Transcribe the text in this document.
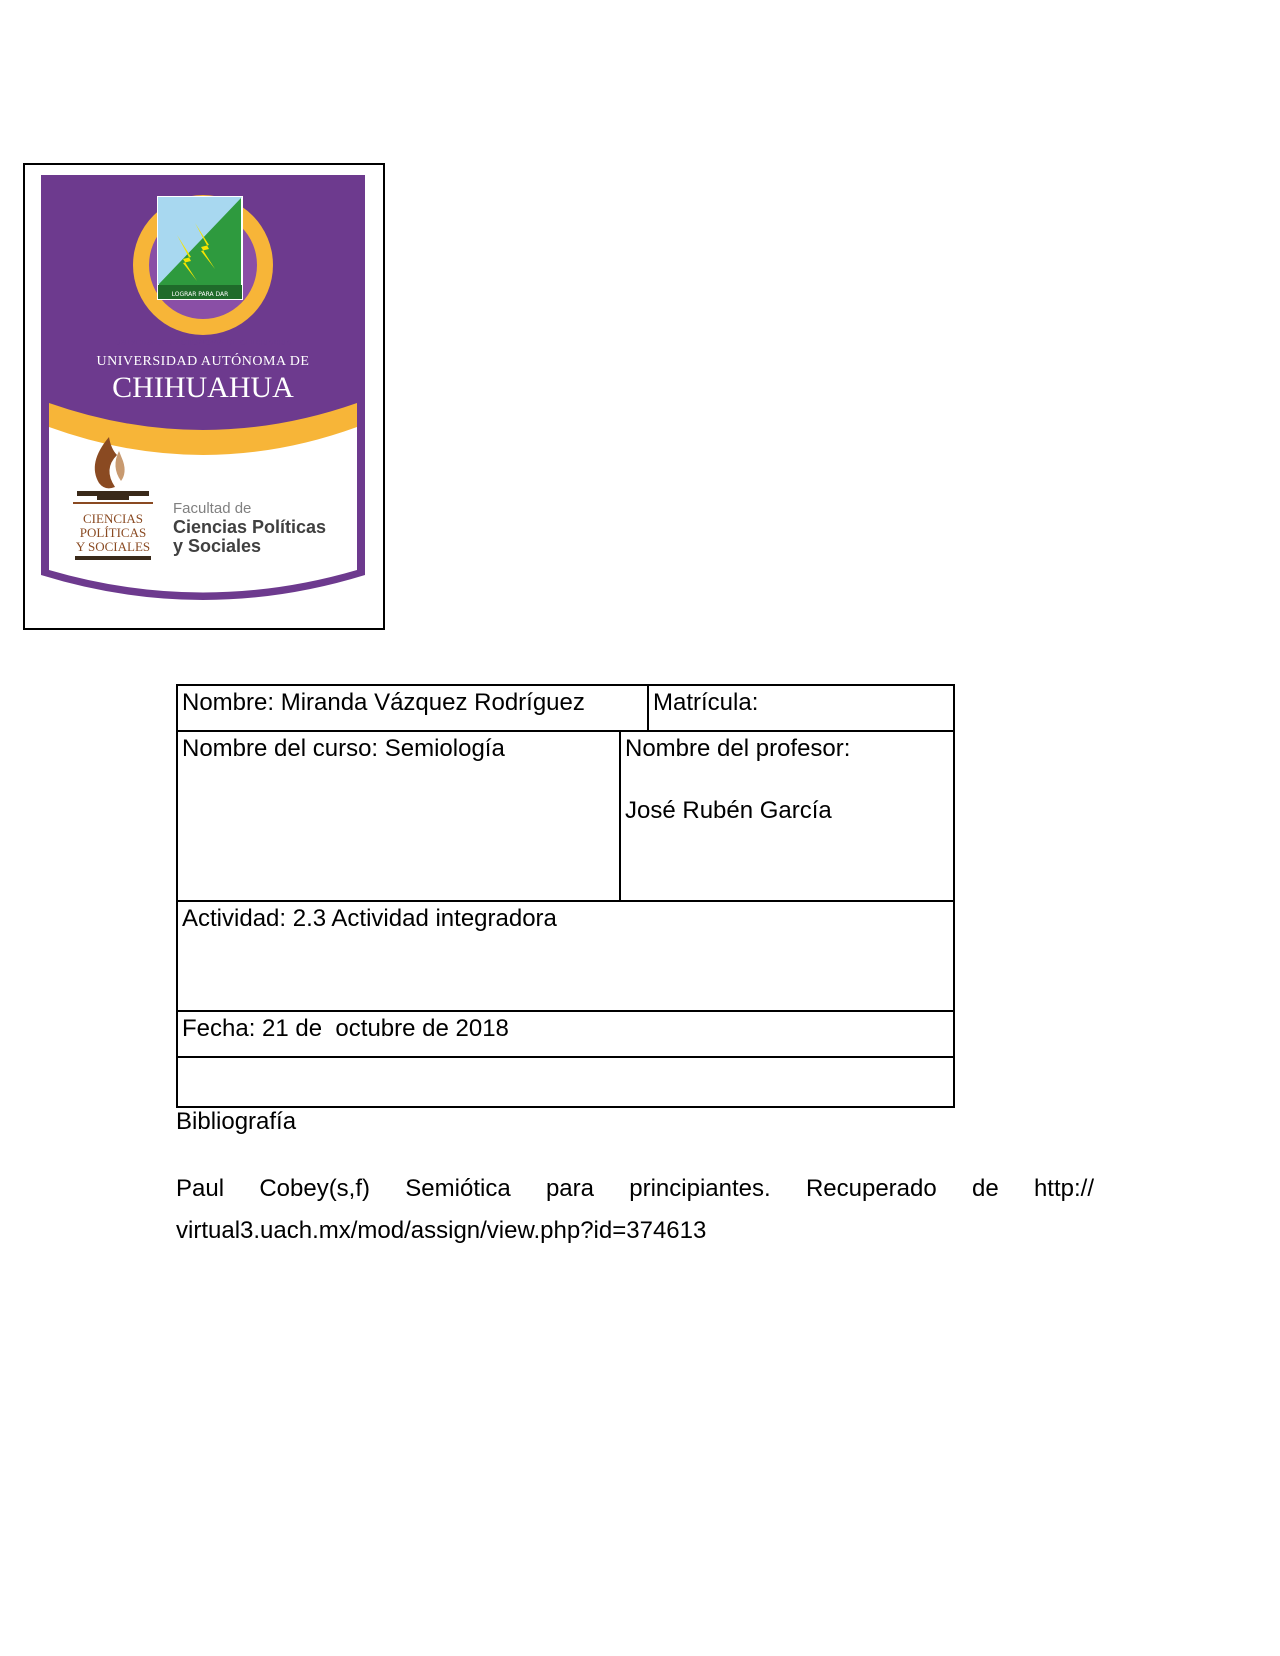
LOGRAR PARA DAR
UNIVERSIDAD AUTÓNOMA DE CHIHUAHUA
UNIVERSIDAD AUTÓNOMA DE
CHIHUAHUA
CIENCIAS
POLÍTICAS
Y SOCIALES
Facultad de
Ciencias Políticas
y Sociales

Nombre: Miranda Vázquez Rodríguez	Matrícula:

Nombre del curso: Semiología	Nombre del profesor:

José Rubén García

Actividad: 2.3 Actividad integradora

Fecha: 21 de  octubre de 2018

Bibliografía
Paul Cobey(s,f) Semiótica para principiantes. Recuperado de http://
virtual3.uach.mx/mod/assign/view.php?id=374613
